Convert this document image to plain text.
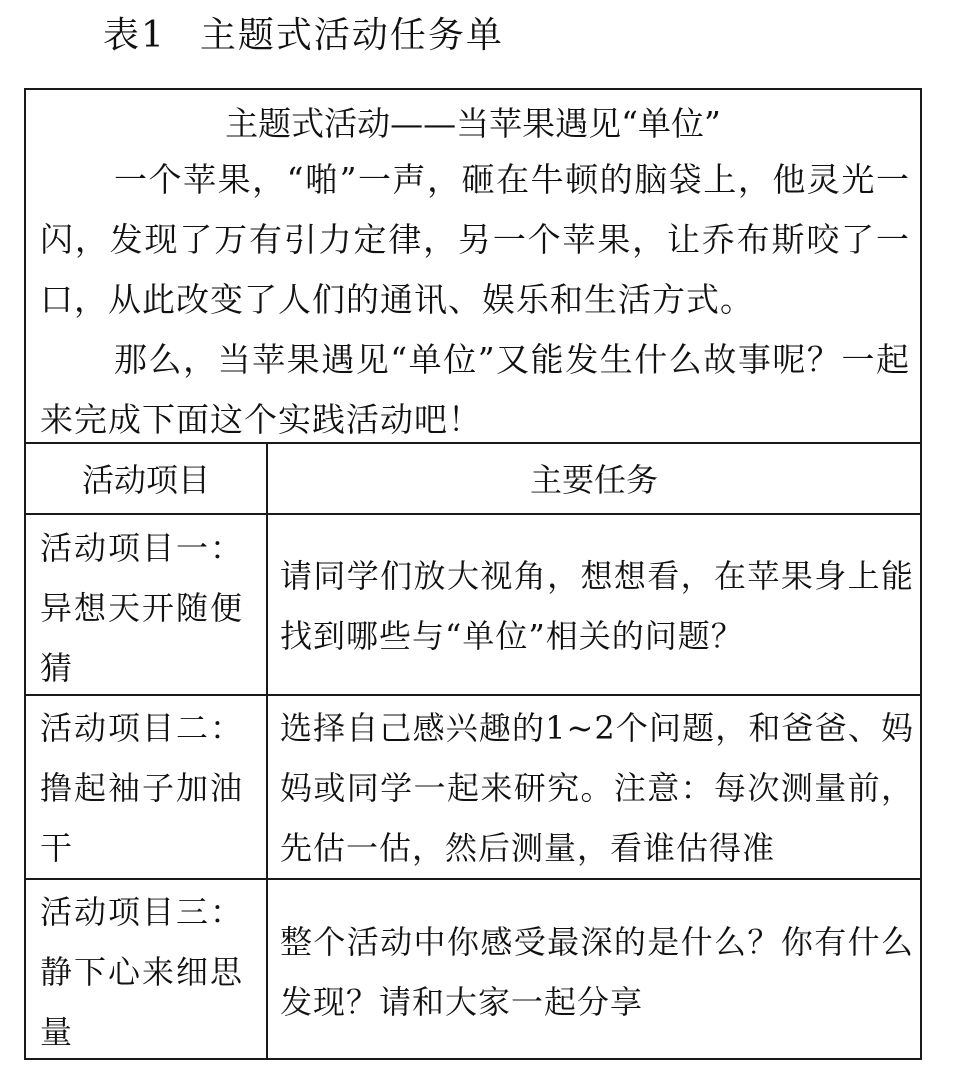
表1 主题式活动任务单
主题式活动——当苹果遇见“单位”
一个苹果，“啪”一声，砸在牛顿的脑袋上，他灵光一闪，发现了万有引力定律，另一个苹果，让乔布斯咬了一口，从此改变了人们的通讯、娱乐和生活方式。
那么，当苹果遇见“单位”又能发生什么故事呢？一起来完成下面这个实践活动吧！
活动项目	主要任务
活动项目一：异想天开随便猜
请同学们放大视角，想想看，在苹果身上能找到哪些与“单位”相关的问题？
活动项目二：撸起袖子加油干
选择自己感兴趣的1~2个问题，和爸爸、妈妈或同学一起来研究。注意：每次测量前，先估一估，然后测量，看谁估得准
活动项目三：静下心来细思量
整个活动中你感受最深的是什么？你有什么发现？请和大家一起分享
